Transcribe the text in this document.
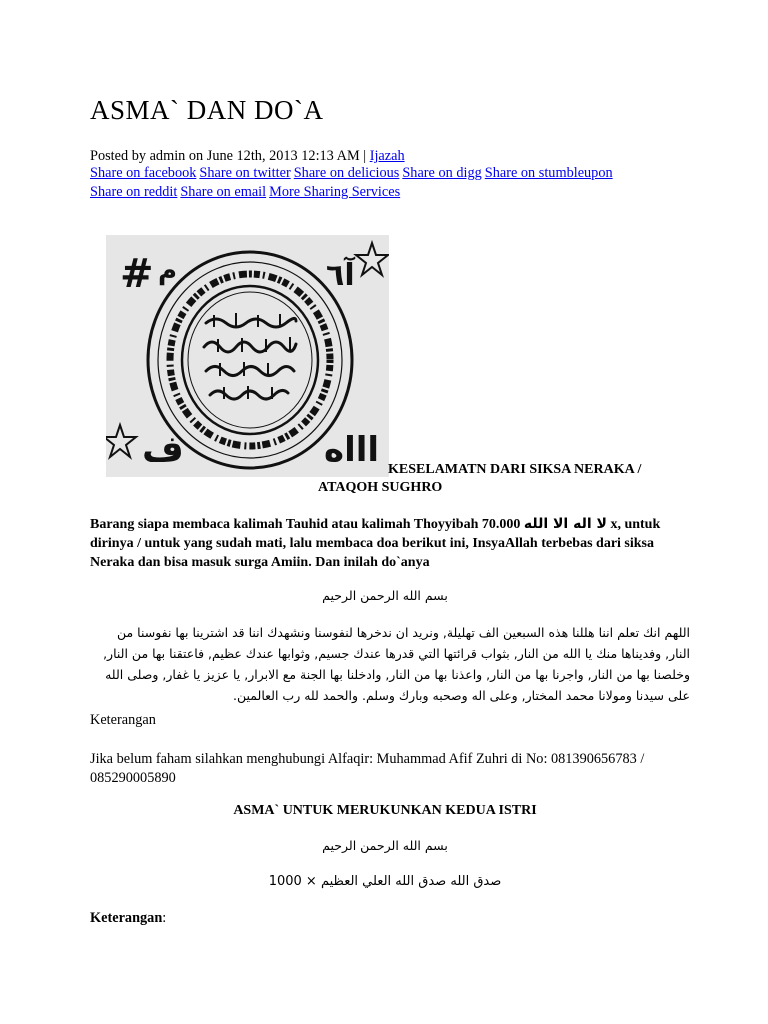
ASMA` DAN DO`A
Posted by admin on June 12th, 2013 12:13 AM | Ijazah
Share on facebook Share on twitter Share on delicious Share on digg Share on stumbleupon
Share on reddit Share on email More Sharing Services
# م	آ٦
ف	اااه KESELAMATN DARI SIKSA NERAKA /
ATAQOH SUGHRO
Barang siapa membaca kalimah Tauhid atau kalimah Thoyyibah	لا اله الا الله 70.000 x, untuk dirinya / untuk yang sudah mati, lalu membaca doa berikut ini, InsyaAllah terbebas dari siksa Neraka dan bisa masuk surga Amiin. Dan inilah do`anya
بسم الله الرحمن الرحيم
اللهم انك تعلم اننا هللنا هذه السبعين الف تهليلة, ونريد ان ندخرها لنفوسنا ونشهدك اننا قد اشترينا بها نفوسنا من النار, وفديناها منك يا الله من النار, بثواب قرائتها التي قدرها عندك جسيم, وثوابها عندك عظيم, فاعتقنا بها من النار, وخلصنا بها من النار, واجرنا بها من النار, واعذنا بها من النار, وادخلنا بها الجنة مع الابرار, يا عزيز يا غفار, وصلى الله على سيدنا ومولانا محمد المختار, وعلى اله وصحبه وبارك وسلم. والحمد لله رب العالمين.
Keterangan
Jika belum faham silahkan menghubungi Alfaqir: Muhammad Afif Zuhri di No: 081390656783 / 085290005890
ASMA` UNTUK MERUKUNKAN KEDUA ISTRI
بسم الله الرحمن الرحيم
صدق الله صدق الله العلي العظيم × 1000
Keterangan:
